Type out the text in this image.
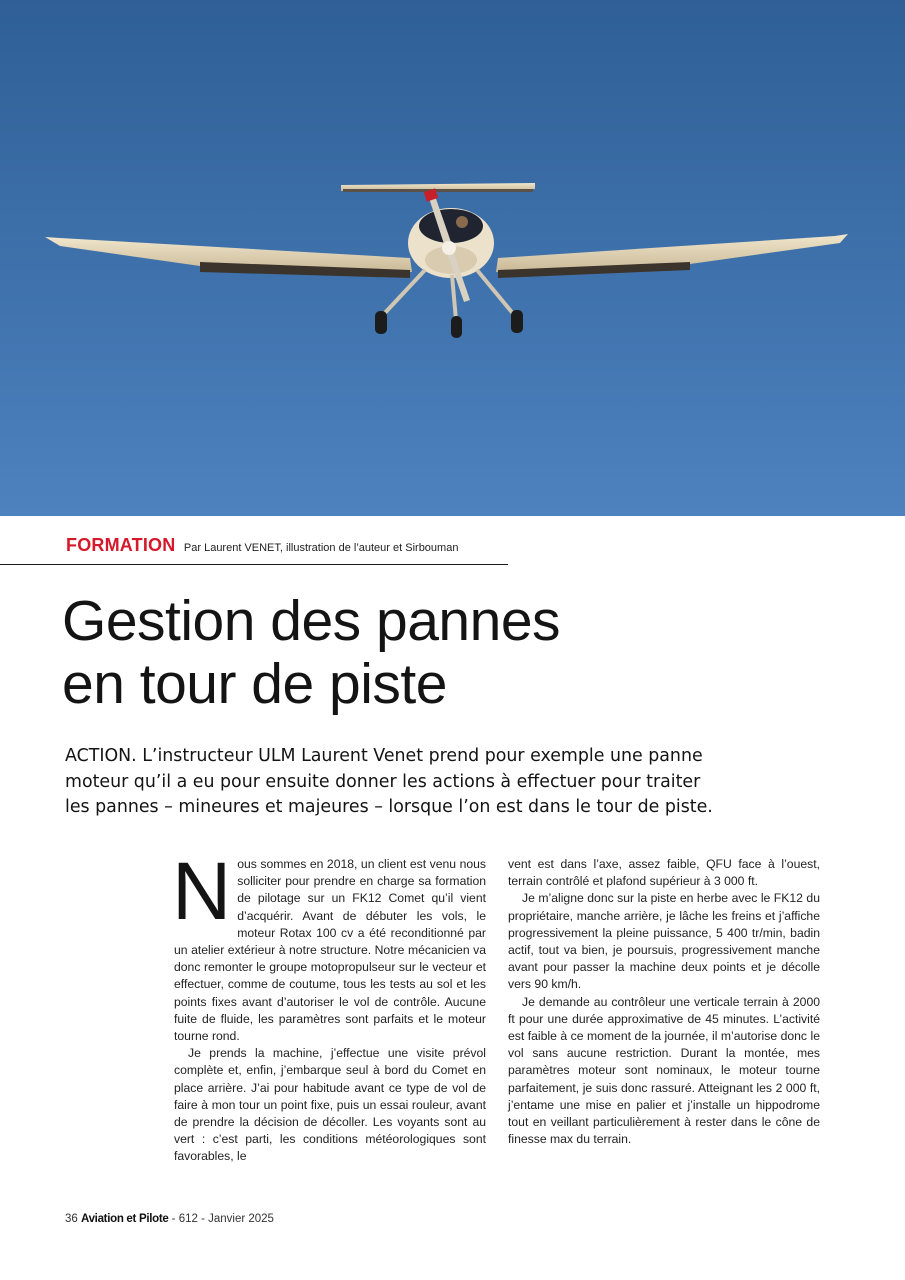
FORMATION Par Laurent VENET, illustration de l’auteur et Sirbouman
Gestion des pannes
en tour de piste

ACTION. L’instructeur ULM Laurent Venet prend pour exemple une panne
moteur qu’il a eu pour ensuite donner les actions à effectuer pour traiter
les pannes – mineures et majeures – lorsque l’on est dans le tour de piste.

Nous sommes en 2018, un client est venu nous solliciter pour prendre en charge sa formation de pilotage sur un FK12 Comet qu’il vient d’acquérir. Avant de débuter les vols, le moteur Rotax 100 cv a été reconditionné par un atelier extérieur à notre structure. Notre mécanicien va donc remonter le groupe motopropulseur sur le vecteur et effectuer, comme de coutume, tous les tests au sol et les points fixes avant d’autoriser le vol de contrôle. Aucune fuite de fluide, les paramètres sont parfaits et le moteur tourne rond.

Je prends la machine, j’effectue une visite prévol complète et, enfin, j’embarque seul à bord du Comet en place arrière. J’ai pour habitude avant ce type de vol de faire à mon tour un point fixe, puis un essai rouleur, avant de prendre la décision de décoller. Les voyants sont au vert : c’est parti, les conditions météorologiques sont favorables, le

vent est dans l’axe, assez faible, QFU face à l’ouest, terrain contrôlé et plafond supérieur à 3 000 ft.

Je m’aligne donc sur la piste en herbe avec le FK12 du propriétaire, manche arrière, je lâche les freins et j’affiche progressivement la pleine puissance, 5 400 tr/min, badin actif, tout va bien, je poursuis, progressivement manche avant pour passer la machine deux points et je décolle vers 90 km/h.

Je demande au contrôleur une verticale terrain à 2000 ft pour une durée approximative de 45 minutes. L’activité est faible à ce moment de la journée, il m’autorise donc le vol sans aucune restriction. Durant la montée, mes paramètres moteur sont nominaux, le moteur tourne parfaitement, je suis donc rassuré. Atteignant les 2 000 ft, j’entame une mise en palier et j’installe un hippodrome tout en veillant particulièrement à rester dans le cône de finesse max du terrain.

36 Aviation et Pilote - 612 - Janvier 2025
